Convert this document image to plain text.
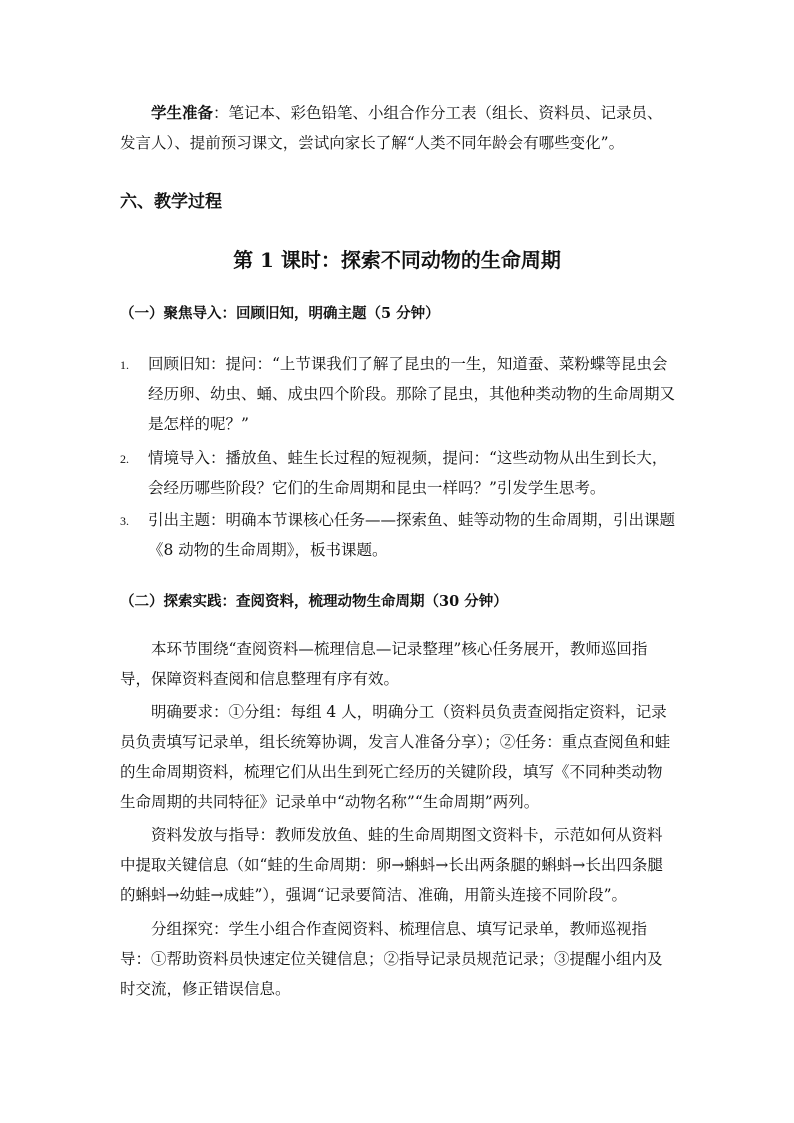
学生准备：笔记本、彩色铅笔、小组合作分工表（组长、资料员、记录员、发言人）、提前预习课文，尝试向家长了解“人类不同年龄会有哪些变化”。

六、教学过程
第 1 课时：探索不同动物的生命周期
（一）聚焦导入：回顾旧知，明确主题（5 分钟）
1. 回顾旧知：提问：“上节课我们了解了昆虫的一生，知道蚕、菜粉蝶等昆虫会经历卵、幼虫、蛹、成虫四个阶段。那除了昆虫，其他种类动物的生命周期又是怎样的呢？”
2. 情境导入：播放鱼、蛙生长过程的短视频，提问：“这些动物从出生到长大，会经历哪些阶段？它们的生命周期和昆虫一样吗？”引发学生思考。
3. 引出主题：明确本节课核心任务——探索鱼、蛙等动物的生命周期，引出课题《8 动物的生命周期》，板书课题。
（二）探索实践：查阅资料，梳理动物生命周期（30 分钟）

本环节围绕“查阅资料—梳理信息—记录整理”核心任务展开，教师巡回指导，保障资料查阅和信息整理有序有效。

明确要求：①分组：每组 4 人，明确分工（资料员负责查阅指定资料，记录员负责填写记录单，组长统筹协调，发言人准备分享）；②任务：重点查阅鱼和蛙的生命周期资料，梳理它们从出生到死亡经历的关键阶段，填写《不同种类动物生命周期的共同特征》记录单中“动物名称”“生命周期”两列。

资料发放与指导：教师发放鱼、蛙的生命周期图文资料卡，示范如何从资料中提取关键信息（如“蛙的生命周期：卵→蝌蚪→长出两条腿的蝌蚪→长出四条腿的蝌蚪→幼蛙→成蛙”），强调“记录要简洁、准确，用箭头连接不同阶段”。

分组探究：学生小组合作查阅资料、梳理信息、填写记录单，教师巡视指导：①帮助资料员快速定位关键信息；②指导记录员规范记录；③提醒小组内及时交流，修正错误信息。
